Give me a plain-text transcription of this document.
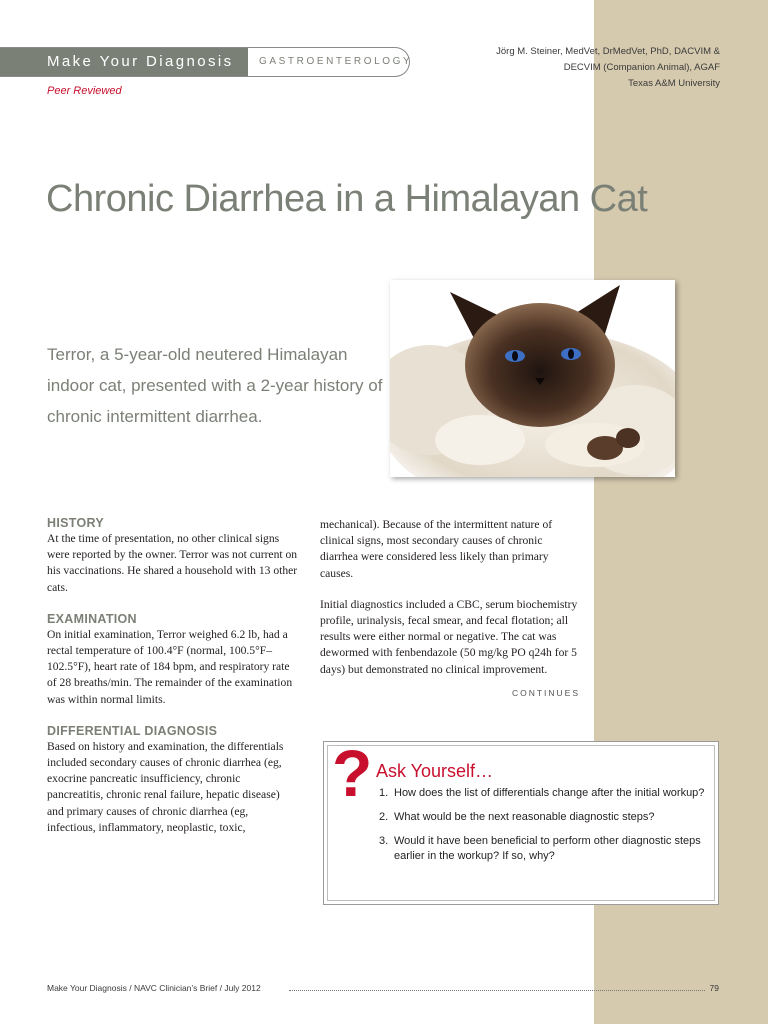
Make Your Diagnosis	GASTROENTEROLOGY
Peer Reviewed
Jörg M. Steiner, MedVet, DrMedVet, PhD, DACVIM &
DECVIM (Companion Animal), AGAF
Texas A&M University
Chronic Diarrhea in a Himalayan Cat
Terror, a 5-year-old neutered Himalayan indoor cat, presented with a 2-year history of chronic intermittent diarrhea.
HISTORY

At the time of presentation, no other clinical signs were reported by the owner. Terror was not current on his vaccinations. He shared a household with 13 other cats.

EXAMINATION

On initial examination, Terror weighed 6.2 lb, had a rectal temperature of 100.4°F (normal, 100.5°F–102.5°F), heart rate of 184 bpm, and respiratory rate of 28 breaths/min. The remainder of the examination was within normal limits.

DIFFERENTIAL DIAGNOSIS

Based on history and examination, the differentials included secondary causes of chronic diarrhea (eg, exocrine pancreatic insufficiency, chronic pancreatitis, chronic renal failure, hepatic disease) and primary causes of chronic diarrhea (eg, infectious, inflammatory, neoplastic, toxic,

mechanical). Because of the intermittent nature of clinical signs, most secondary causes of chronic diarrhea were considered less likely than primary causes.

Initial diagnostics included a CBC, serum biochemistry profile, urinalysis, fecal smear, and fecal flotation; all results were either normal or negative. The cat was dewormed with fenbendazole (50 mg/kg PO q24h for 5 days) but demonstrated no clinical improvement.

CONTINUES
? Ask Yourself…
1. How does the list of differentials change after the initial workup?
2. What would be the next reasonable diagnostic steps?
3. Would it have been beneficial to perform other diagnostic steps earlier in the workup? If so, why?
Make Your Diagnosis / NAVC Clinician’s Brief / July 2012	79
